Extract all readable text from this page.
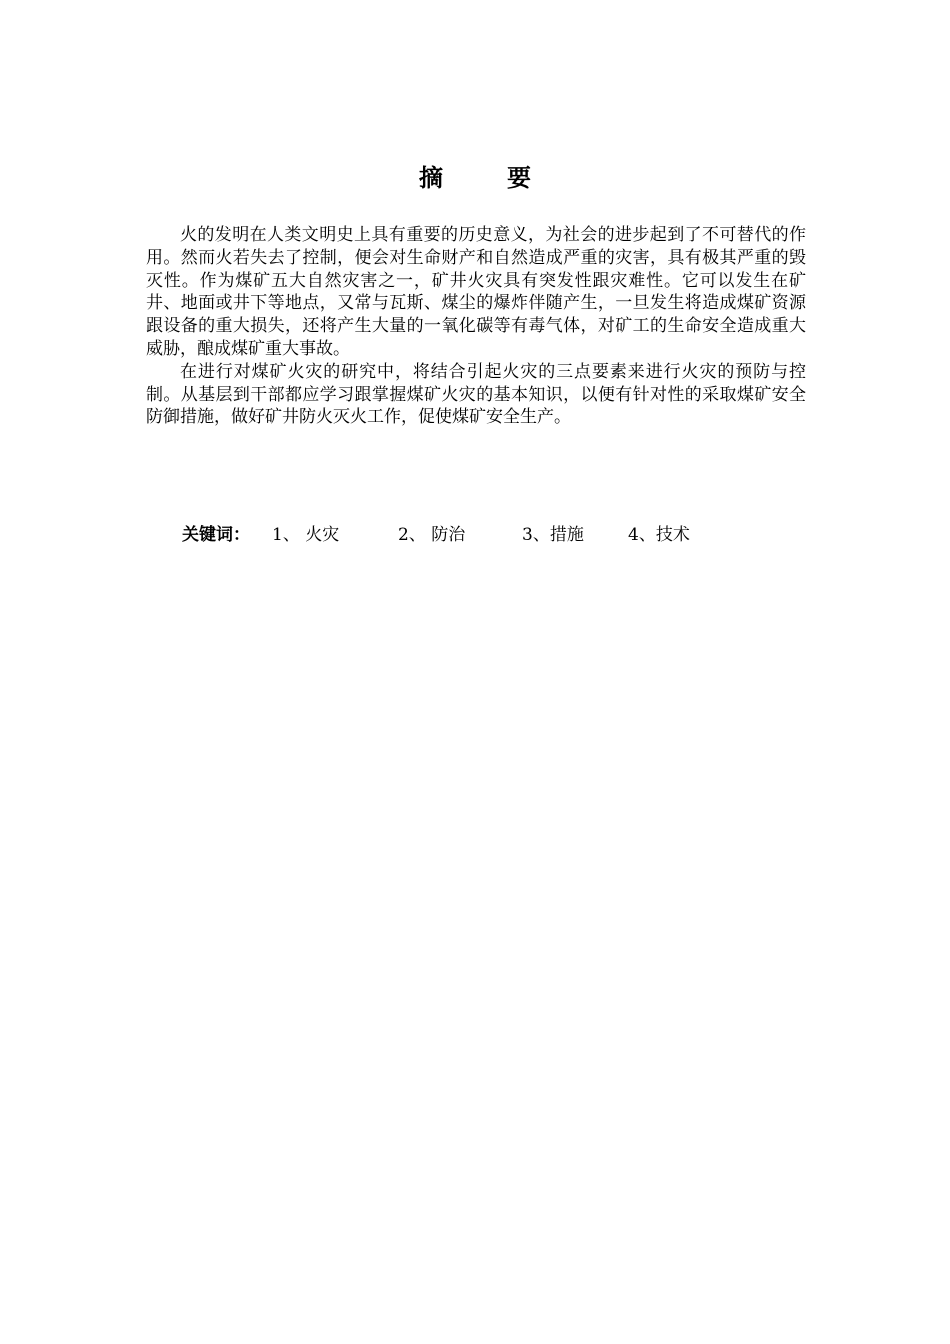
摘	要

火的发明在人类文明史上具有重要的历史意义，为社会的进步起到了不可替代的作用。然而火若失去了控制，便会对生命财产和自然造成严重的灾害，具有极其严重的毁灭性。作为煤矿五大自然灾害之一，矿井火灾具有突发性跟灾难性。它可以发生在矿井、地面或井下等地点，又常与瓦斯、煤尘的爆炸伴随产生，一旦发生将造成煤矿资源跟设备的重大损失，还将产生大量的一氧化碳等有毒气体，对矿工的生命安全造成重大威胁，酿成煤矿重大事故。

在进行对煤矿火灾的研究中，将结合引起火灾的三点要素来进行火灾的预防与控制。从基层到干部都应学习跟掌握煤矿火灾的基本知识，以便有针对性的采取煤矿安全防御措施，做好矿井防火灭火工作，促使煤矿安全生产。

关键词： 1、 火灾	2、 防治	3、措施	4、技术
